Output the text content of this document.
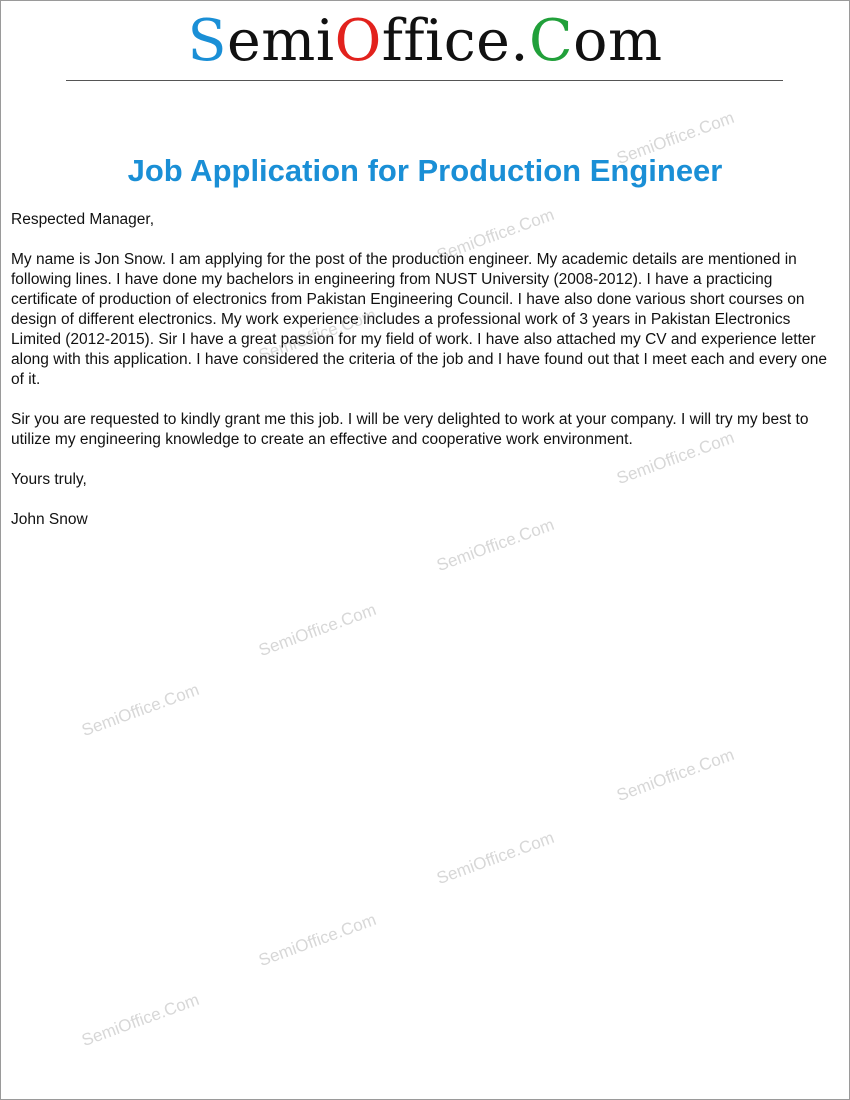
SemiOffice.Com
Job Application for Production Engineer

Respected Manager,

My name is Jon Snow. I am applying for the post of the production engineer. My academic details are mentioned in following lines. I have done my bachelors in engineering from NUST University (2008-2012). I have a practicing certificate of production of electronics from Pakistan Engineering Council. I have also done various short courses on design of different electronics. My work experience includes a professional work of 3 years in Pakistan Electronics Limited (2012-2015). Sir I have a great passion for my field of work. I have also attached my CV and experience letter along with this application. I have considered the criteria of the job and I have found out that I meet each and every one of it.

Sir you are requested to kindly grant me this job. I will be very delighted to work at your company. I will try my best to utilize my engineering knowledge to create an effective and cooperative work environment.

Yours truly,

John Snow

SemiOffice.Com
SemiOffice.Com
SemiOffice.Com
SemiOffice.Com
SemiOffice.Com
SemiOffice.Com
SemiOffice.Com
SemiOffice.Com
SemiOffice.Com
SemiOffice.Com
SemiOffice.Com
